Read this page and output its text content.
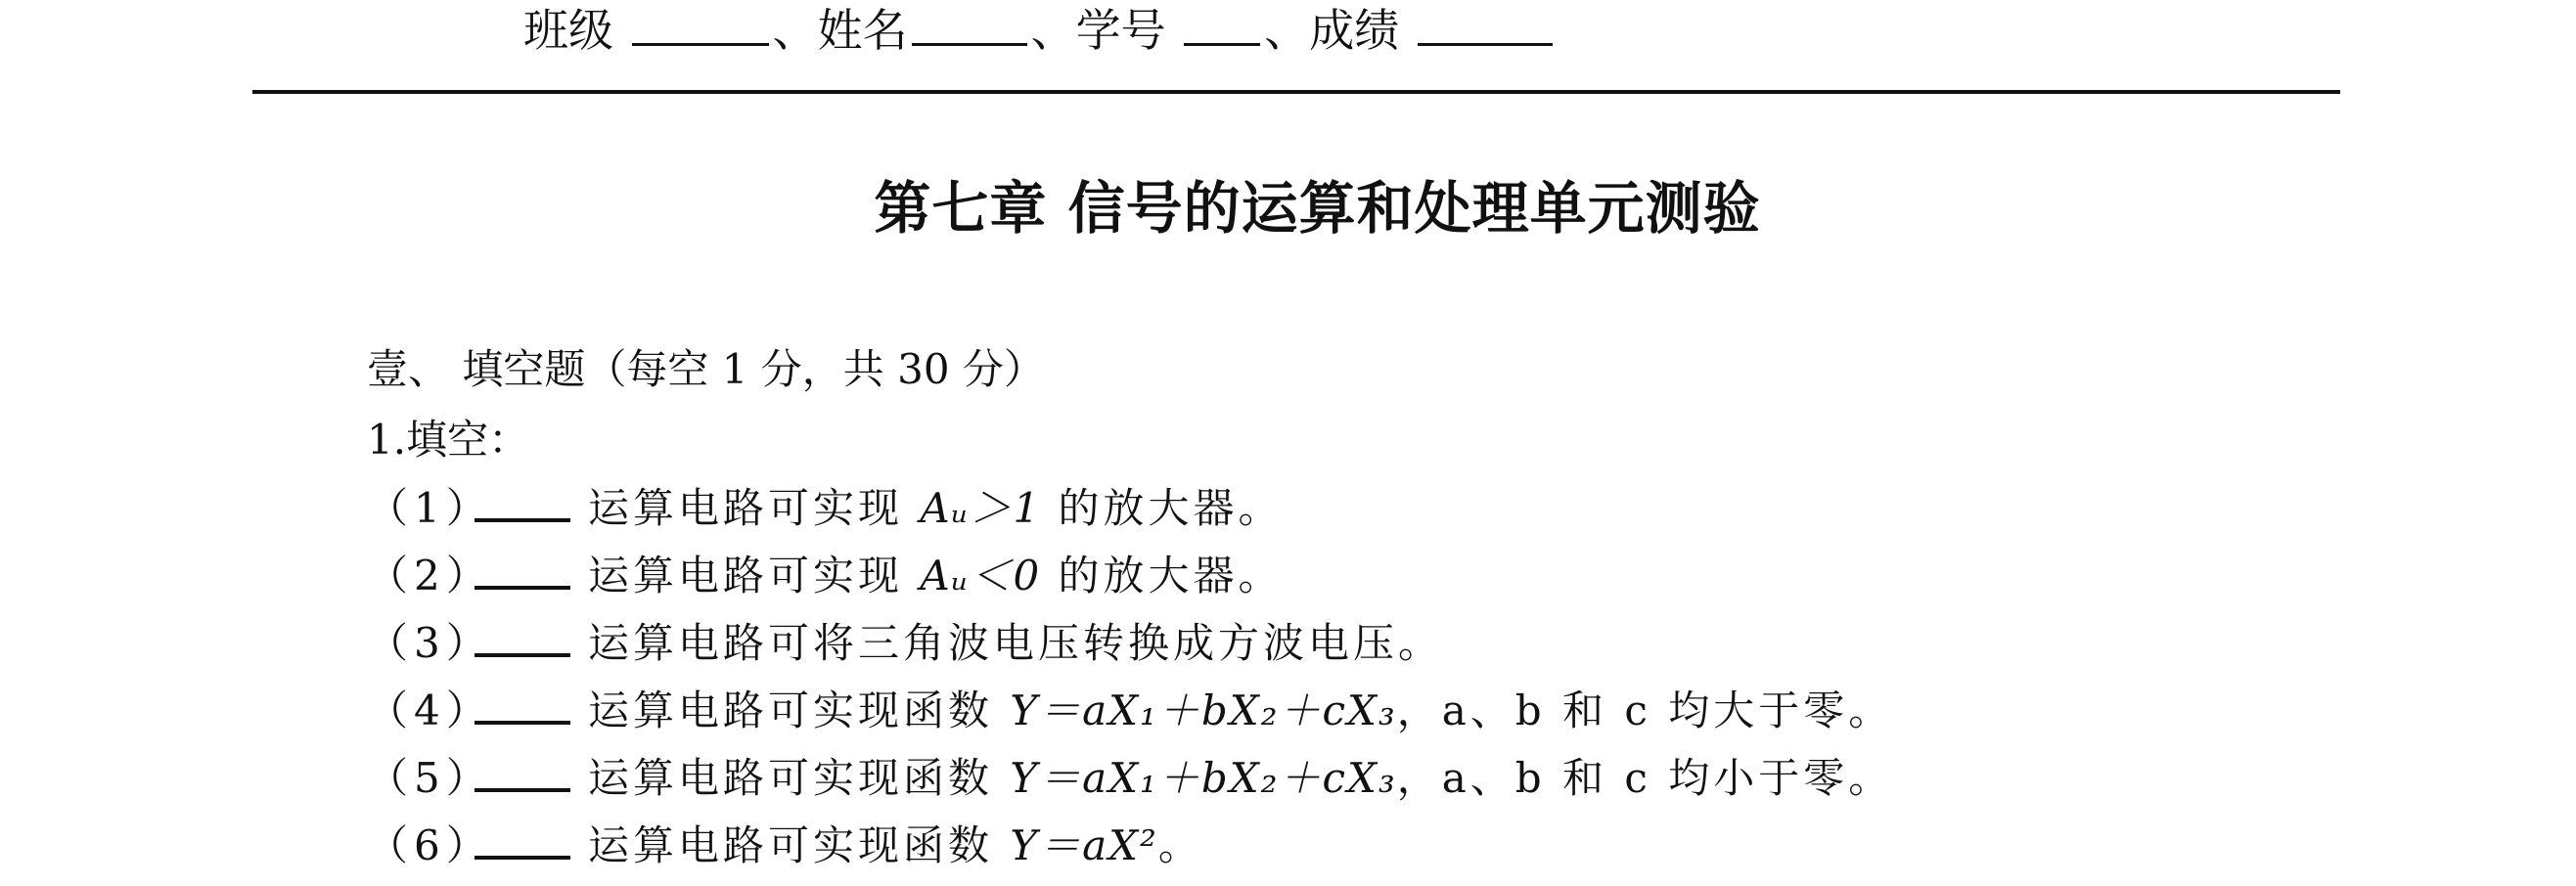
班级	、姓名	、学号 、成绩
第七章 信号的运算和处理单元测验
壹、 填空题（每空 1 分，共 30 分）
1.填空：
（1） 运算电路可实现 Aᵤ＞1 的放大器。
（2） 运算电路可实现 Aᵤ＜0 的放大器。
（3） 运算电路可将三角波电压转换成方波电压。
（4） 运算电路可实现函数 Y＝aX₁＋bX₂＋cX₃，a、b 和 c 均大于零。
（5） 运算电路可实现函数 Y＝aX₁＋bX₂＋cX₃，a、b 和 c 均小于零。
（6） 运算电路可实现函数 Y＝aX²。
